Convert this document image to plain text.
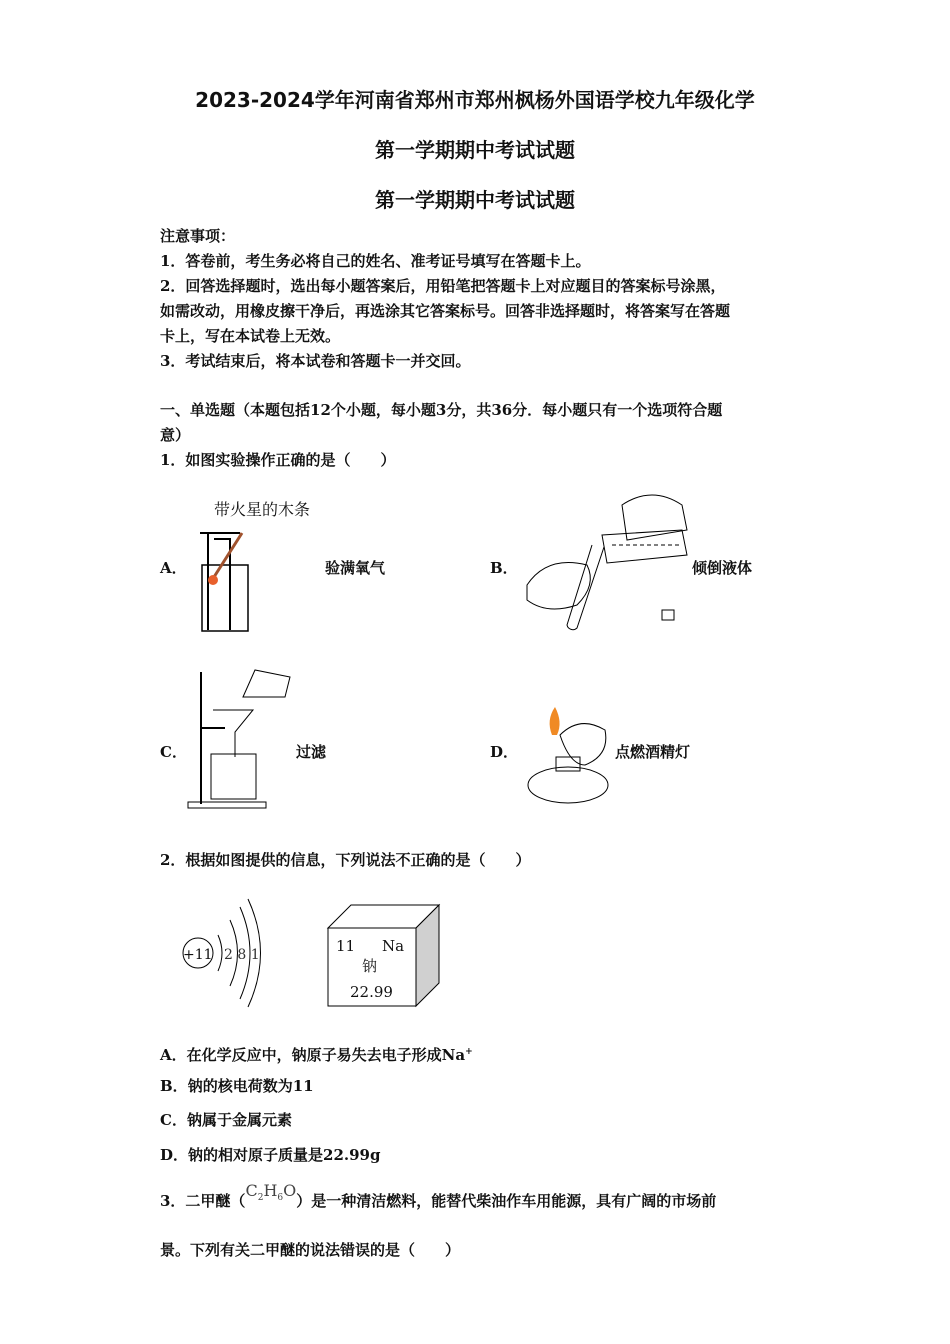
2023-2024学年河南省郑州市郑州枫杨外国语学校九年级化学
第一学期期中考试试题
第一学期期中考试试题
注意事项：
1．答卷前，考生务必将自己的姓名、准考证号填写在答题卡上。
2．回答选择题时，选出每小题答案后，用铅笔把答题卡上对应题目的答案标号涂黑，
如需改动，用橡皮擦干净后，再选涂其它答案标号。回答非选择题时，将答案写在答题
卡上，写在本试卷上无效。
3．考试结束后，将本试卷和答题卡一并交回。
一、单选题（本题包括12个小题，每小题3分，共36分．每小题只有一个选项符合题
意）
1．如图实验操作正确的是（　　）
带火星的木条
A．	验满氧气	B．	倾倒液体
C．	过滤	D．	点燃酒精灯
2．根据如图提供的信息，下列说法不正确的是（　　）
+11 2 8 1	11 Na
钠
22.99
A．在化学反应中，钠原子易失去电子形成Na+
B．钠的核电荷数为11
C．钠属于金属元素
D．钠的相对原子质量是22.99g
3．二甲醚$(C_2H_6O)$是一种清洁燃料，能替代柴油作车用能源，具有广阔的市场前
景。下列有关二甲醚的说法错误的是（　　）
